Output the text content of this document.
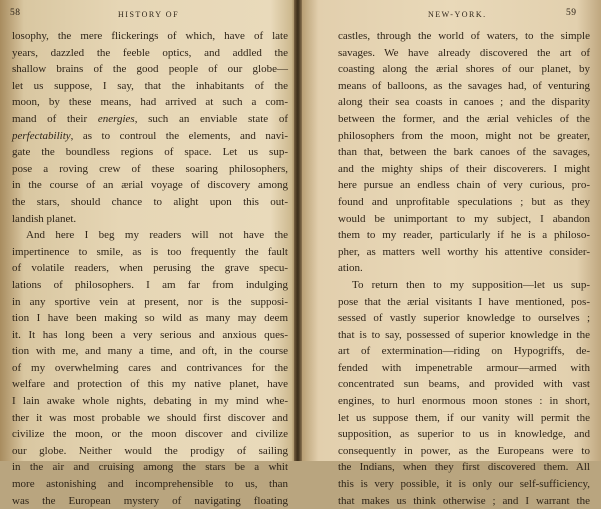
58	HISTORY OF
losophy, the mere flickerings of which, have of late
years, dazzled the feeble optics, and addled the
shallow brains of the good people of our globe—
let us suppose, I say, that the inhabitants of the
moon, by these means, had arrived at such a com-
mand of their energies, such an enviable state of
perfectability, as to controul the elements, and navi-
gate the boundless regions of space. Let us sup-
pose a roving crew of these soaring philosophers,
in the course of an ærial voyage of discovery among
the stars, should chance to alight upon this out-
landish planet.
And here I beg my readers will not have the
impertinence to smile, as is too frequently the fault
of volatile readers, when perusing the grave specu-
lations of philosophers. I am far from indulging
in any sportive vein at present, nor is the supposi-
tion I have been making so wild as many may deem
it. It has long been a very serious and anxious ques-
tion with me, and many a time, and oft, in the course
of my overwhelming cares and contrivances for the
welfare and protection of this my native planet, have
I lain awake whole nights, debating in my mind whe-
ther it was most probable we should first discover and
civilize the moon, or the moon discover and civilize
our globe. Neither would the prodigy of sailing
in the air and cruising among the stars be a whit
more astonishing and incomprehensible to us, than
was the European mystery of navigating floating
NEW-YORK.	59
castles, through the world of waters, to the simple
savages. We have already discovered the art of
coasting along the ærial shores of our planet, by
means of balloons, as the savages had, of venturing
along their sea coasts in canoes ; and the disparity
between the former, and the ærial vehicles of the
philosophers from the moon, might not be greater,
than that, between the bark canoes of the savages,
and the mighty ships of their discoverers. I might
here pursue an endless chain of very curious, pro-
found and unprofitable speculations ; but as they
would be unimportant to my subject, I abandon
them to my reader, particularly if he is a philoso-
pher, as matters well worthy his attentive consider-
ation.
To return then to my supposition—let us sup-
pose that the ærial visitants I have mentioned, pos-
sessed of vastly superior knowledge to ourselves ;
that is to say, possessed of superior knowledge in the
art of extermination—riding on Hypogriffs, de-
fended with impenetrable armour—armed with
concentrated sun beams, and provided with vast
engines, to hurl enormous moon stones : in short,
let us suppose them, if our vanity will permit the
supposition, as superior to us in knowledge, and
consequently in power, as the Europeans were to
the Indians, when they first discovered them. All
this is very possible, it is only our self-sufficiency,
that makes us think otherwise ; and I warrant the
